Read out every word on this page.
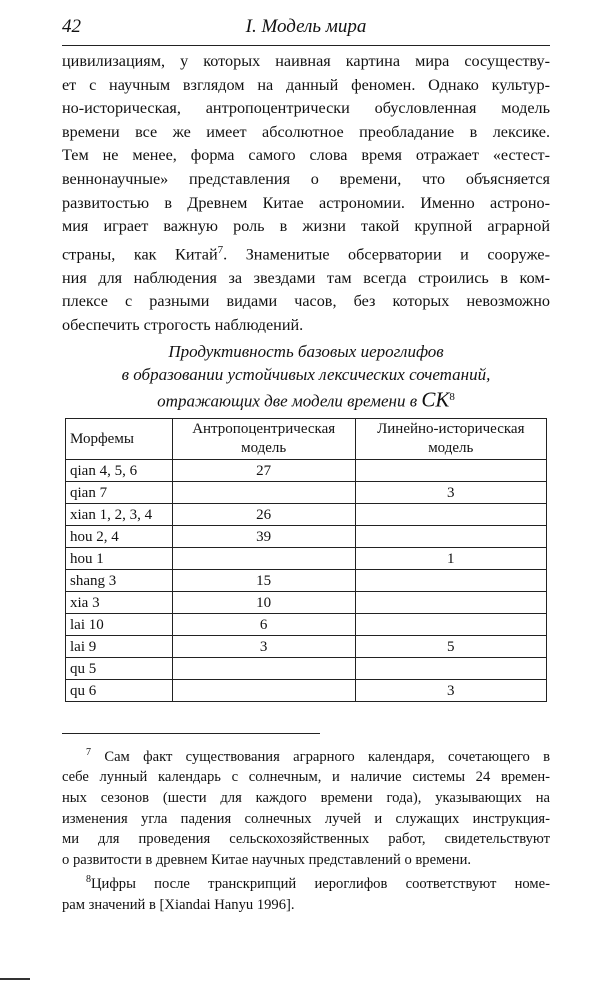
42	I. Модель мира
цивилизациям, у которых наивная картина мира сосуществу-
ет с научным взглядом на данный феномен. Однако культур-
но-историческая, антропоцентрически обусловленная модель
времени все же имеет абсолютное преобладание в лексике.
Тем не менее, форма самого слова время отражает «естест-
веннонаучные» представления о времени, что объясняется
развитостью в Древнем Китае астрономии. Именно астроно-
мия играет важную роль в жизни такой крупной аграрной
страны, как Китай$^7$. Знаменитые обсерватории и сооруже-
ния для наблюдения за звездами там всегда строились в ком-
плексе с разными видами часов, без которых невозможно
обеспечить строгость наблюдений.
Продуктивность базовых иероглифов
в образовании устойчивых лексических сочетаний,
отражающих две модели времени в $СК^8$
Морфемы	Антропоцентрическая модель	Линейно-историческая модель
qian 4, 5, 6	27	
qian 7		3
xian 1, 2, 3, 4	26	
hou 2, 4	39	
hou 1		1
shang 3	15	
xia 3	10	
lai 10	6	
lai 9	3	5
qu 5		
qu 6		3
$^7$ Сам факт существования аграрного календаря, сочетающего в
себе лунный календарь с солнечным, и наличие системы 24 времен-
ных сезонов (шести для каждого времени года), указывающих на
изменения угла падения солнечных лучей и служащих инструкция-
ми для проведения сельскохозяйственных работ, свидетельствуют
о развитости в древнем Китае научных представлений о времени.
$^8$Цифры после транскрипций иероглифов соответствуют номе-
рам значений в [Xiandai Hanyu 1996].
